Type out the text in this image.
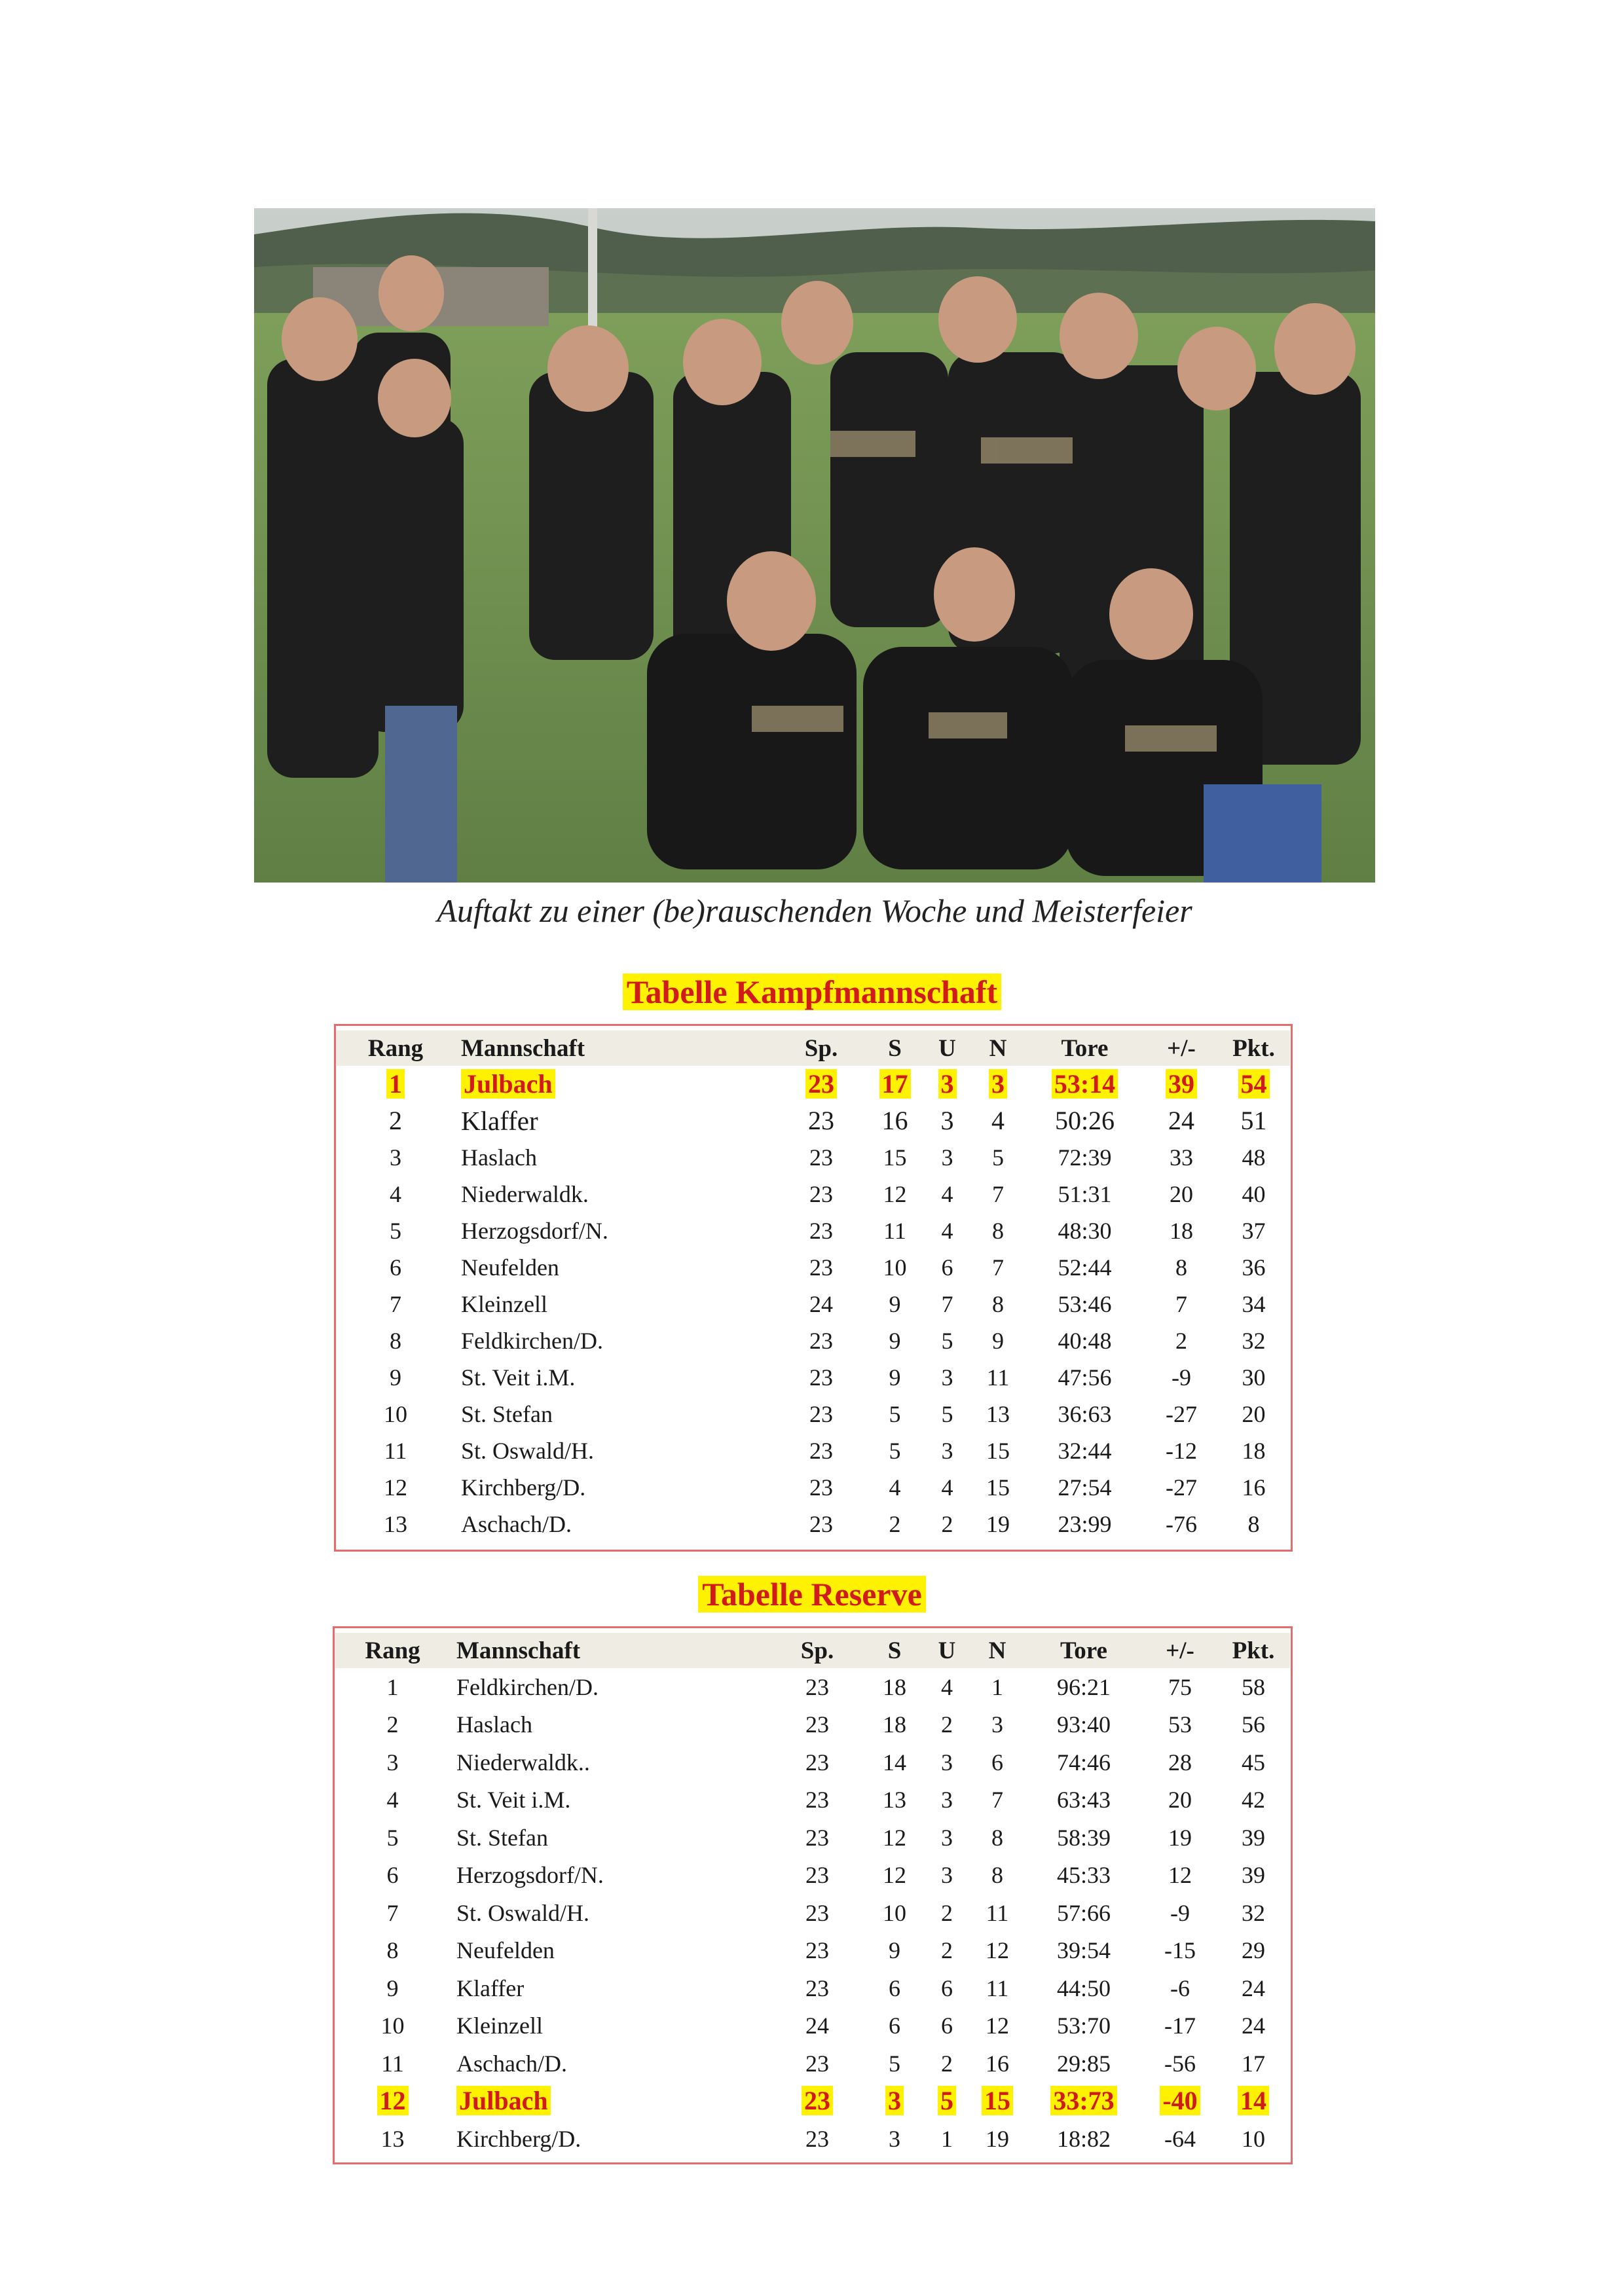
Auftakt zu einer (be)rauschenden Woche und Meisterfeier
Tabelle Kampfmannschaft
Rang	Mannschaft	Sp.	S	U	N	Tore	+/-	Pkt.
1	Julbach	23	17	3	3	53:14	39	54
2	Klaffer	23	16	3	4	50:26	24	51
3	Haslach	23	15	3	5	72:39	33	48
4	Niederwaldk.	23	12	4	7	51:31	20	40
5	Herzogsdorf/N.	23	11	4	8	48:30	18	37
6	Neufelden	23	10	6	7	52:44	8	36
7	Kleinzell	24	9	7	8	53:46	7	34
8	Feldkirchen/D.	23	9	5	9	40:48	2	32
9	St. Veit i.M.	23	9	3	11	47:56	-9	30
10	St. Stefan	23	5	5	13	36:63	-27	20
11	St. Oswald/H.	23	5	3	15	32:44	-12	18
12	Kirchberg/D.	23	4	4	15	27:54	-27	16
13	Aschach/D.	23	2	2	19	23:99	-76	8
Tabelle Reserve
Rang	Mannschaft	Sp.	S	U	N	Tore	+/-	Pkt.
1	Feldkirchen/D.	23	18	4	1	96:21	75	58
2	Haslach	23	18	2	3	93:40	53	56
3	Niederwaldk..	23	14	3	6	74:46	28	45
4	St. Veit i.M.	23	13	3	7	63:43	20	42
5	St. Stefan	23	12	3	8	58:39	19	39
6	Herzogsdorf/N.	23	12	3	8	45:33	12	39
7	St. Oswald/H.	23	10	2	11	57:66	-9	32
8	Neufelden	23	9	2	12	39:54	-15	29
9	Klaffer	23	6	6	11	44:50	-6	24
10	Kleinzell	24	6	6	12	53:70	-17	24
11	Aschach/D.	23	5	2	16	29:85	-56	17
12	Julbach	23	3	5	15	33:73	-40	14
13	Kirchberg/D.	23	3	1	19	18:82	-64	10
